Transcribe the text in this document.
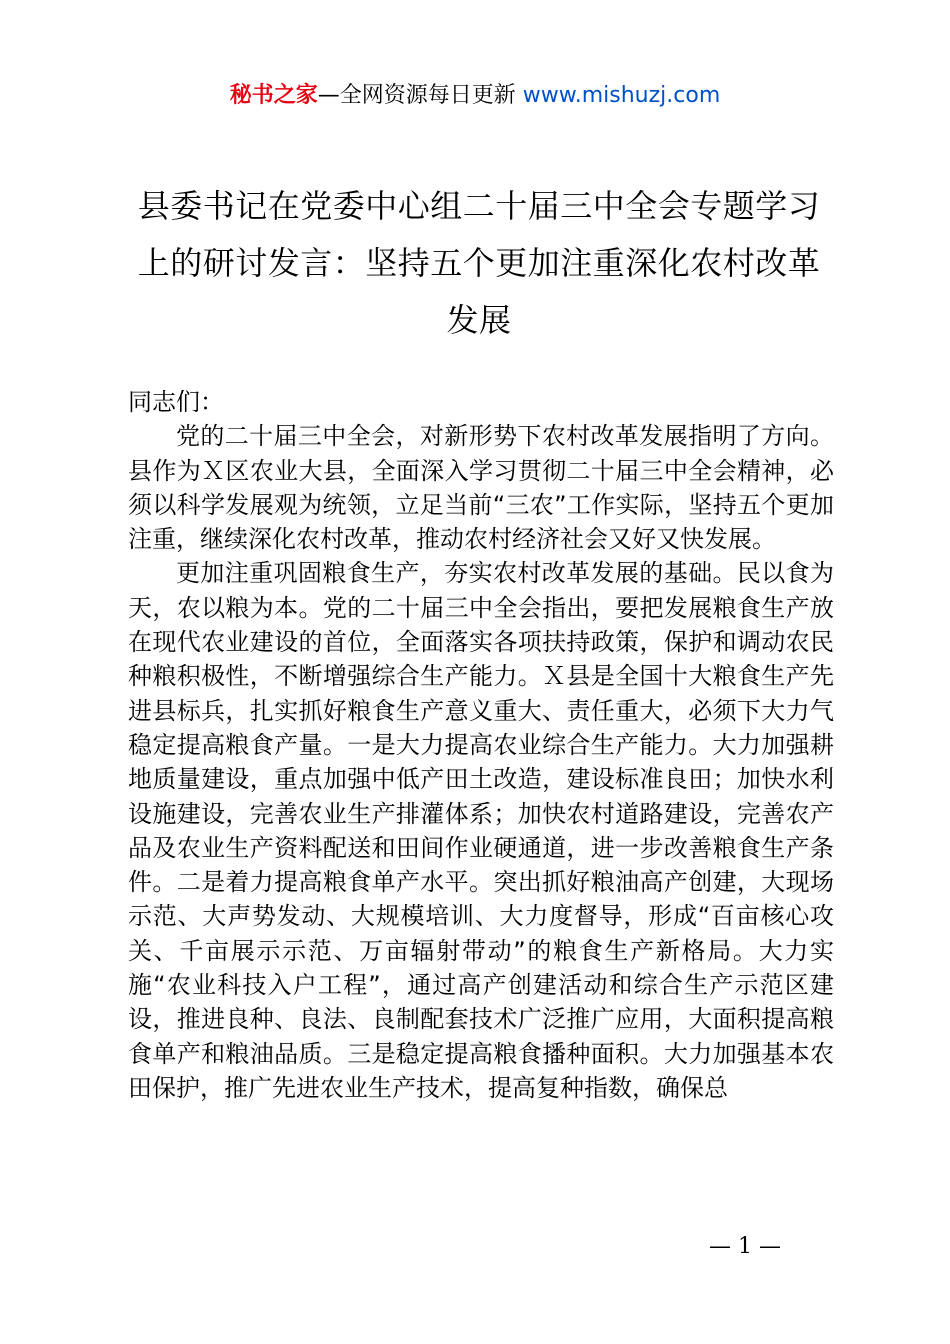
秘书之家—全网资源每日更新 www.mishuzj.com
县委书记在党委中心组二十届三中全会专题学习上的研讨发言：坚持五个更加注重深化农村改革发展

同志们：

党的二十届三中全会，对新形势下农村改革发展指明了方向。县作为Ｘ区农业大县，全面深入学习贯彻二十届三中全会精神，必须以科学发展观为统领，立足当前“三农”工作实际，坚持五个更加注重，继续深化农村改革，推动农村经济社会又好又快发展。

更加注重巩固粮食生产，夯实农村改革发展的基础。民以食为天，农以粮为本。党的二十届三中全会指出，要把发展粮食生产放在现代农业建设的首位，全面落实各项扶持政策，保护和调动农民种粮积极性，不断增强综合生产能力。Ｘ县是全国十大粮食生产先进县标兵，扎实抓好粮食生产意义重大、责任重大，必须下大力气稳定提高粮食产量。一是大力提高农业综合生产能力。大力加强耕地质量建设，重点加强中低产田土改造，建设标准良田；加快水利设施建设，完善农业生产排灌体系；加快农村道路建设，完善农产品及农业生产资料配送和田间作业硬通道，进一步改善粮食生产条件。二是着力提高粮食单产水平。突出抓好粮油高产创建，大现场示范、大声势发动、大规模培训、大力度督导，形成“百亩核心攻关、千亩展示示范、万亩辐射带动”的粮食生产新格局。大力实施“农业科技入户工程”，通过高产创建活动和综合生产示范区建设，推进良种、良法、良制配套技术广泛推广应用，大面积提高粮食单产和粮油品质。三是稳定提高粮食播种面积。大力加强基本农田保护，推广先进农业生产技术，提高复种指数，确保总

— 1 —
